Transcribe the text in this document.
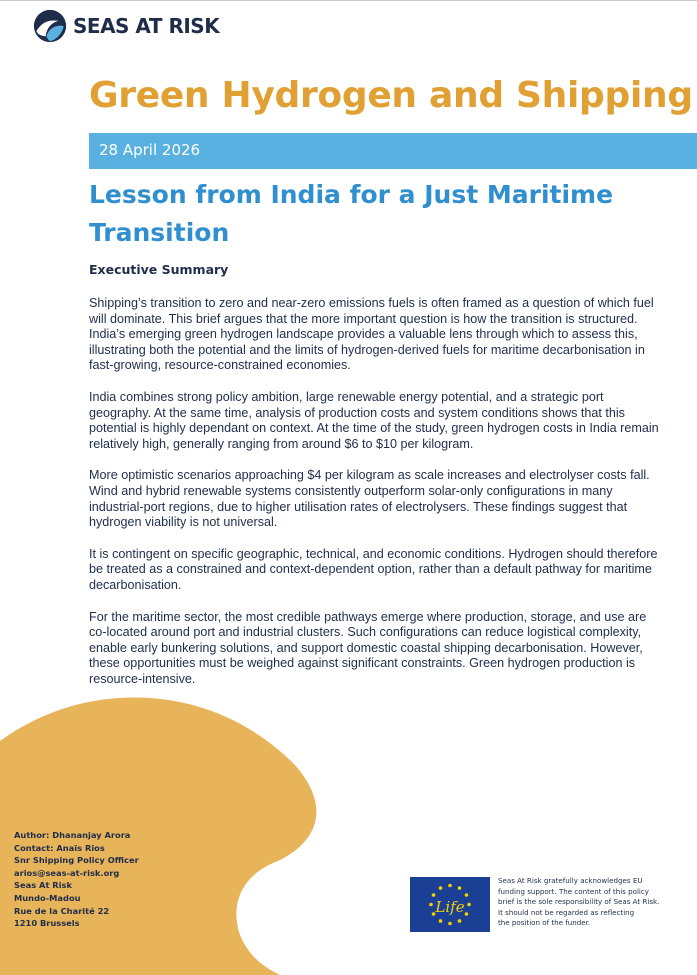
SEAS AT RISK
Green Hydrogen and Shipping
28 April 2026
Lesson from India for a Just Maritime Transition
Executive Summary

Shipping’s transition to zero and near-zero emissions fuels is often framed as a question of which fuel will dominate. This brief argues that the more important question is how the transition is structured. India’s emerging green hydrogen landscape provides a valuable lens through which to assess this, illustrating both the potential and the limits of hydrogen-derived fuels for maritime decarbonisation in fast-growing, resource-constrained economies.

India combines strong policy ambition, large renewable energy potential, and a strategic port geography. At the same time, analysis of production costs and system conditions shows that this potential is highly dependant on context. At the time of the study, green hydrogen costs in India remain relatively high, generally ranging from around $6 to $10 per kilogram.

More optimistic scenarios approaching $4 per kilogram as scale increases and electrolyser costs fall. Wind and hybrid renewable systems consistently outperform solar-only configurations in many industrial-port regions, due to higher utilisation rates of electrolysers. These findings suggest that hydrogen viability is not universal.

It is contingent on specific geographic, technical, and economic conditions. Hydrogen should therefore be treated as a constrained and context-dependent option, rather than a default pathway for maritime decarbonisation.

For the maritime sector, the most credible pathways emerge where production, storage, and use are co-located around port and industrial clusters. Such configurations can reduce logistical complexity, enable early bunkering solutions, and support domestic coastal shipping decarbonisation. However, these opportunities must be weighed against significant constraints. Green hydrogen production is resource-intensive.

Author: Dhananjay Arora
Contact: Anaïs Rios
Snr Shipping Policy Officer
arios@seas-at-risk.org
Seas At Risk
Mundo-Madou
Rue de la Charité 22
1210 Brussels
Life
Seas At Risk gratefully acknowledges EU
funding support. The content of this policy
brief is the sole responsibility of Seas At Risk.
It should not be regarded as reflecting
the position of the funder.
